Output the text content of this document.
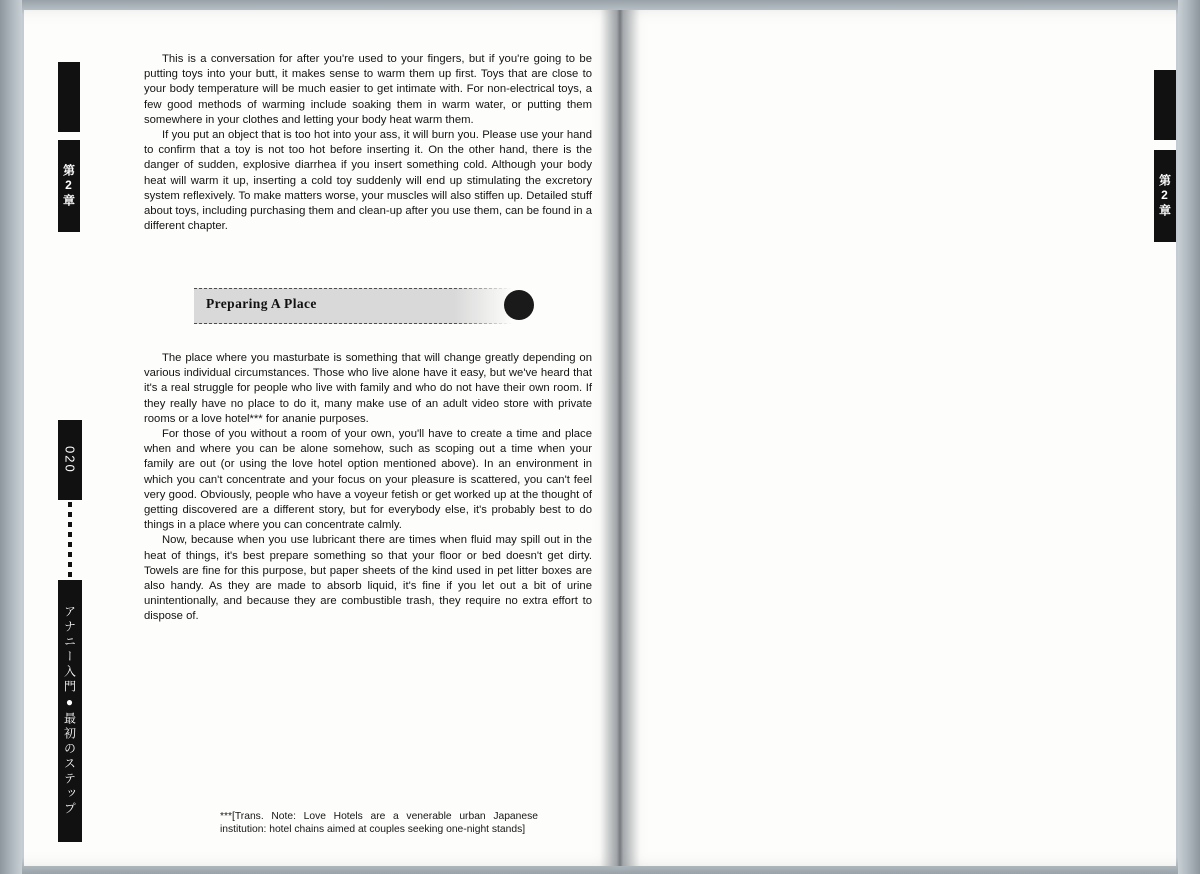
This is a conversation for after you're used to your fingers, but if you're going to be putting toys into your butt, it makes sense to warm them up first. Toys that are close to your body temperature will be much easier to get intimate with. For non-electrical toys, a few good methods of warming include soaking them in warm water, or putting them somewhere in your clothes and letting your body heat warm them.

If you put an object that is too hot into your ass, it will burn you. Please use your hand to confirm that a toy is not too hot before inserting it. On the other hand, there is the danger of sudden, explosive diarrhea if you insert something cold. Although your body heat will warm it up, inserting a cold toy suddenly will end up stimulating the excretory system reflexively. To make matters worse, your muscles will also stiffen up. Detailed stuff about toys, including purchasing them and clean-up after you use them, can be found in a different chapter.

Preparing A Place

The place where you masturbate is something that will change greatly depending on various individual circumstances. Those who live alone have it easy, but we've heard that it's a real struggle for people who live with family and who do not have their own room. If they really have no place to do it, many make use of an adult video store with private rooms or a love hotel*** for ananie purposes.

For those of you without a room of your own, you'll have to create a time and place when and where you can be alone somehow, such as scoping out a time when your family are out (or using the love hotel option mentioned above). In an environment in which you can't concentrate and your focus on your pleasure is scattered, you can't feel very good. Obviously, people who have a voyeur fetish or get worked up at the thought of getting discovered are a different story, but for everybody else, it's probably best to do things in a place where you can concentrate calmly.

Now, because when you use lubricant there are times when fluid may spill out in the heat of things, it's best prepare something so that your floor or bed doesn't get dirty. Towels are fine for this purpose, but paper sheets of the kind used in pet litter boxes are also handy. As they are made to absorb liquid, it's fine if you let out a bit of urine unintentionally, and because they are combustible trash, they require no extra effort to dispose of.

***[Trans. Note: Love Hotels are a venerable urban Japanese institution: hotel chains aimed at couples seeking one-night stands]
第2章
020
アナニー入門●最初のステップ

第2章
